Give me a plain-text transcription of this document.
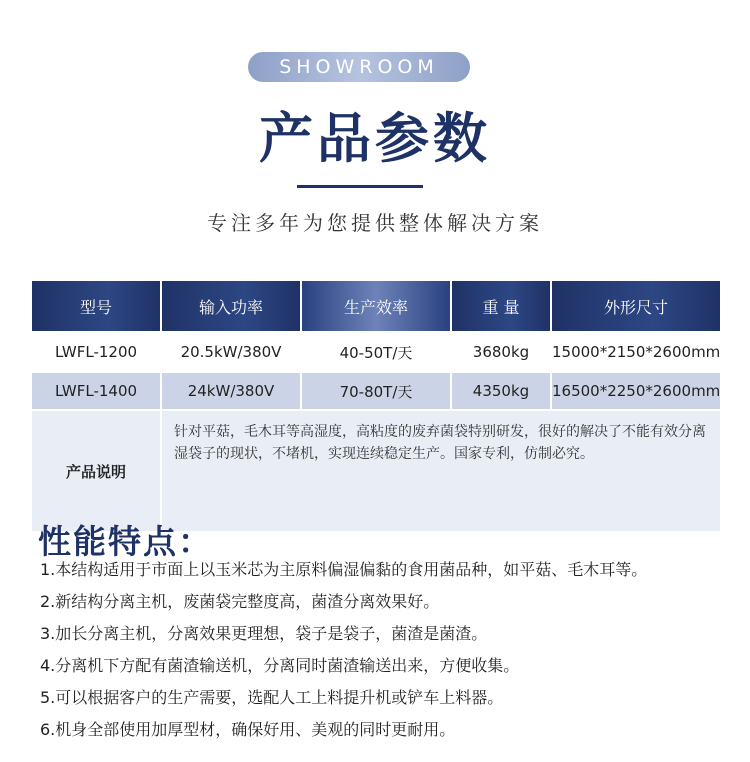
SHOWROOM
产品参数
专注多年为您提供整体解决方案
型号	输入功率	生产效率	重 量	外形尺寸
LWFL-1200	20.5kW/380V	40-50T/天	3680kg	15000*2150*2600mm
LWFL-1400	24kW/380V	70-80T/天	4350kg	16500*2250*2600mm
产品说明	针对平菇，毛木耳等高湿度，高粘度的废弃菌袋特别研发，很好的解决了不能有效分离湿袋子的现状，不堵机，实现连续稳定生产。国家专利，仿制必究。			
性能特点：
1.本结构适用于市面上以玉米芯为主原料偏湿偏黏的食用菌品种，如平菇、毛木耳等。
2.新结构分离主机，废菌袋完整度高，菌渣分离效果好。
3.加长分离主机，分离效果更理想，袋子是袋子，菌渣是菌渣。
4.分离机下方配有菌渣输送机，分离同时菌渣输送出来，方便收集。
5.可以根据客户的生产需要，选配人工上料提升机或铲车上料器。
6.机身全部使用加厚型材，确保好用、美观的同时更耐用。
